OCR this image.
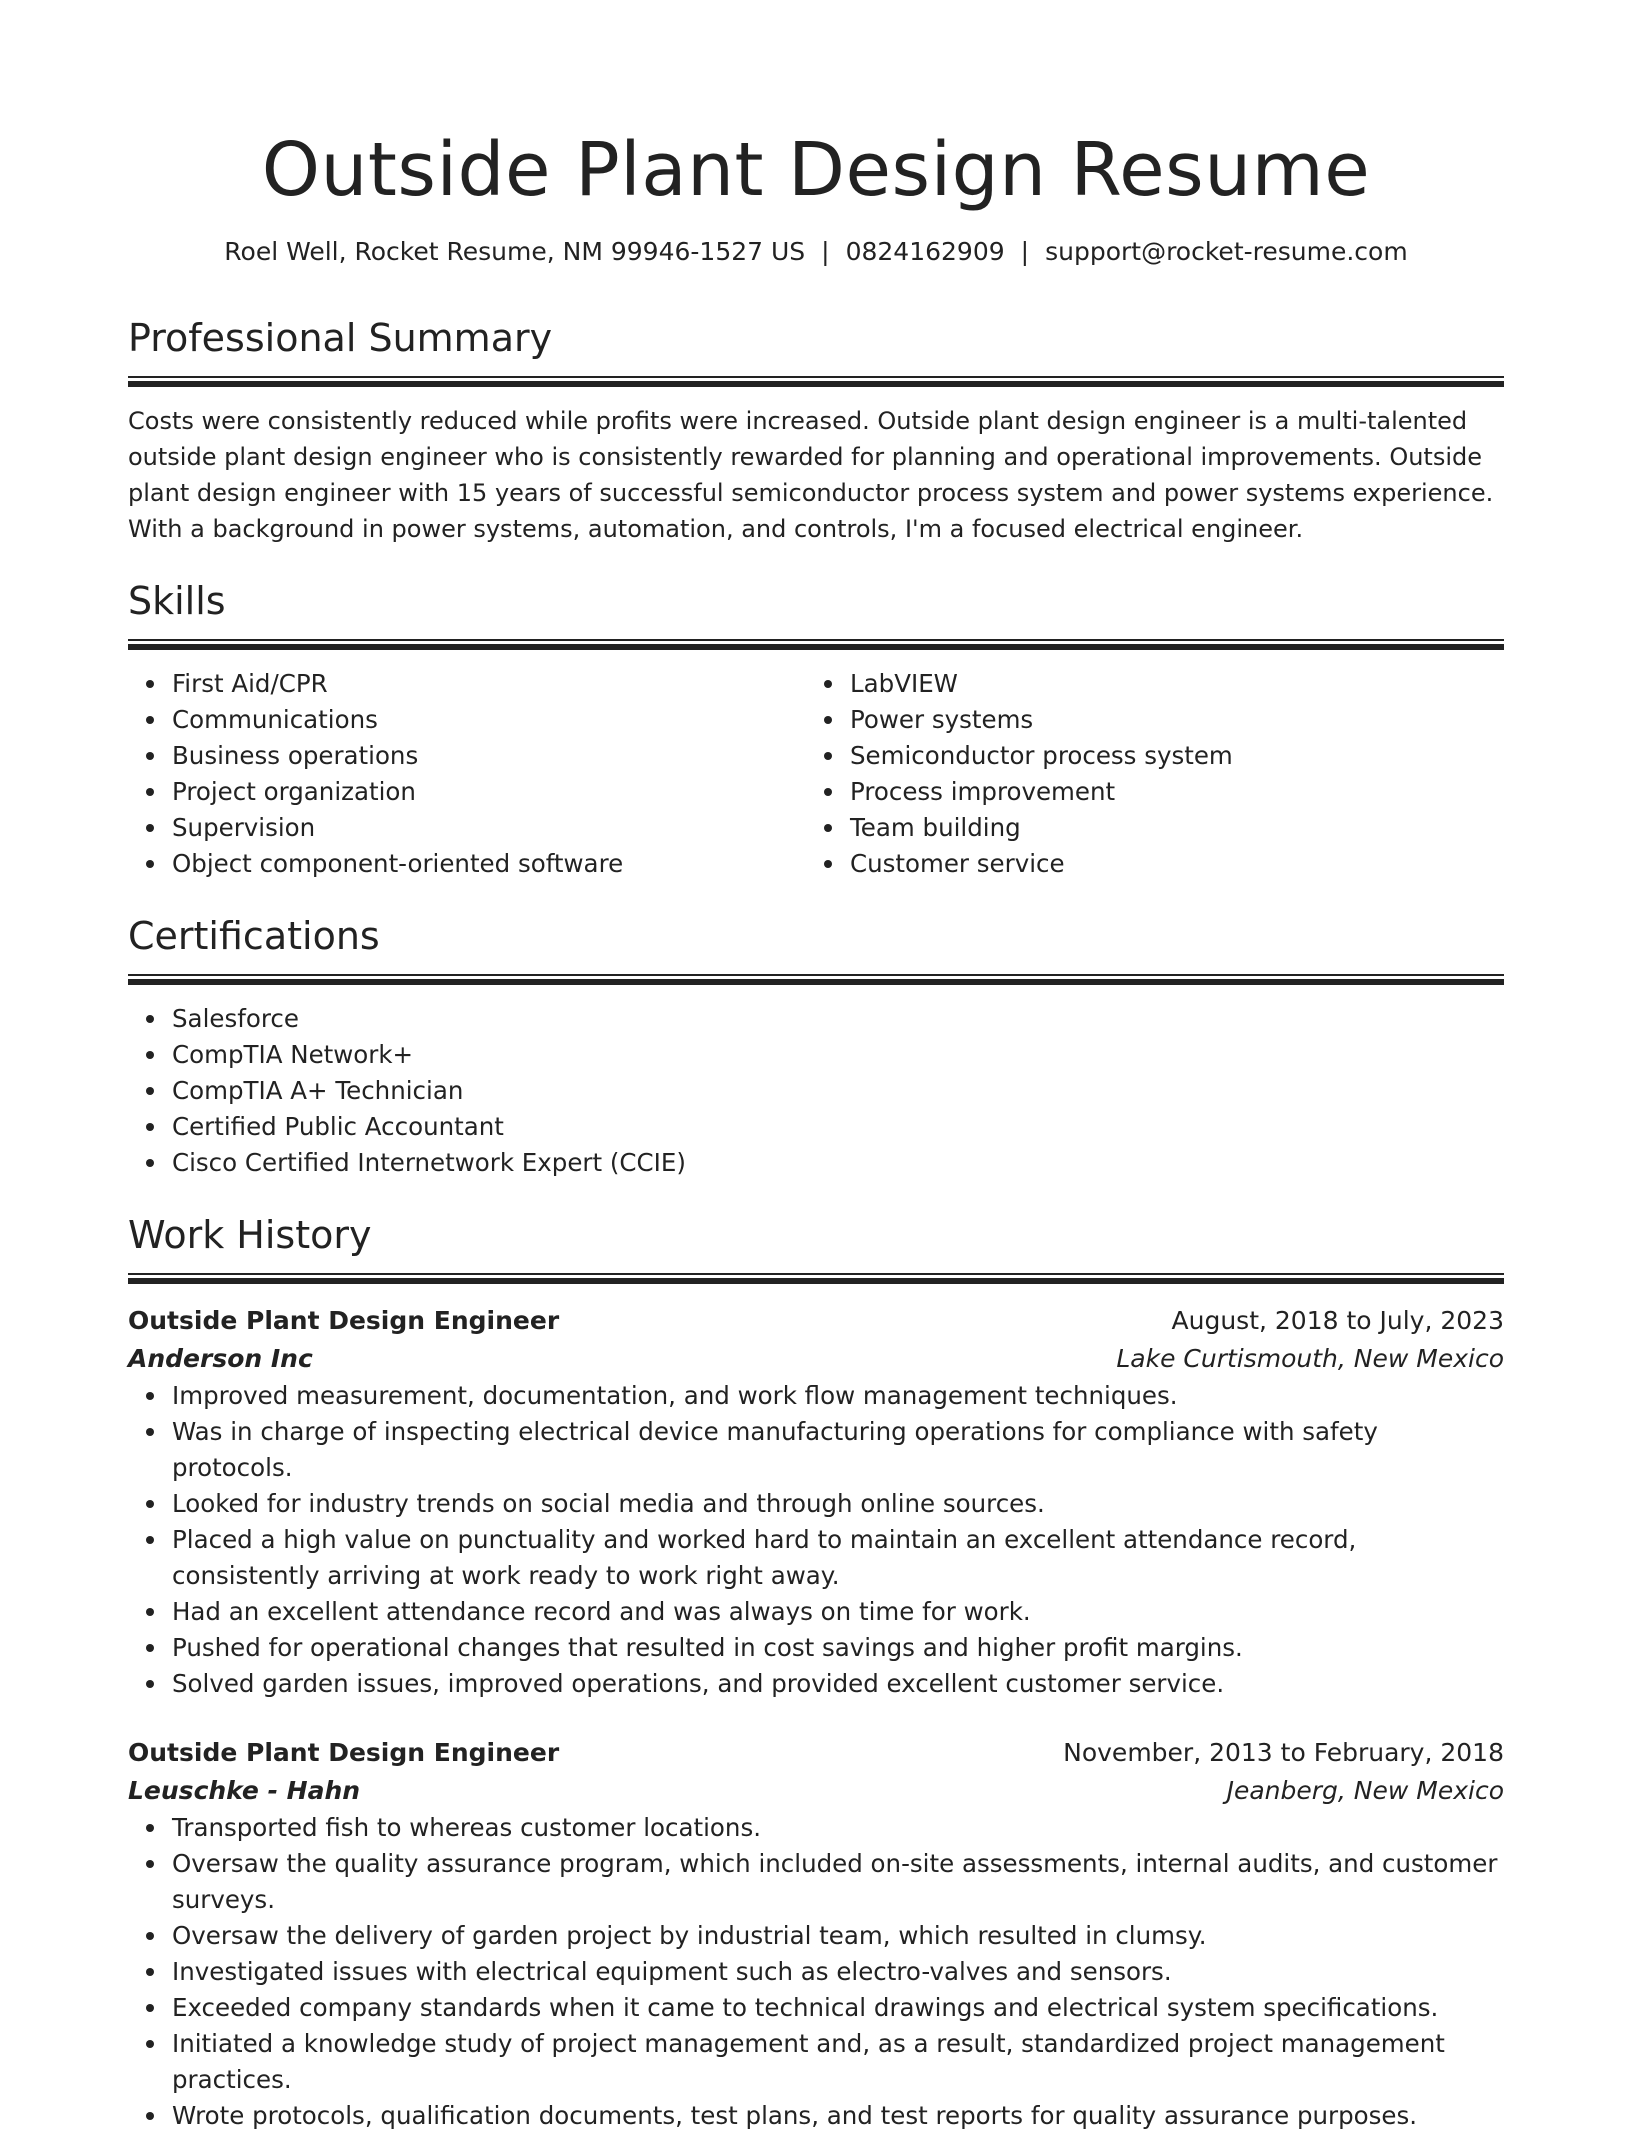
Outside Plant Design Resume
Roel Well, Rocket Resume, NM 99946-1527 US | 0824162909 | support@rocket-resume.com
Professional Summary

Costs were consistently reduced while profits were increased. Outside plant design engineer is a multi-talented outside plant design engineer who is consistently rewarded for planning and operational improvements. Outside plant design engineer with 15 years of successful semiconductor process system and power systems experience. With a background in power systems, automation, and controls, I'm a focused electrical engineer.

Skills
First Aid/CPR
Communications
Business operations
Project organization
Supervision
Object component-oriented software
LabVIEW
Power systems
Semiconductor process system
Process improvement
Team building
Customer service
Certifications
Salesforce
CompTIA Network+
CompTIA A+ Technician
Certified Public Accountant
Cisco Certified Internetwork Expert (CCIE)
Work History
Outside Plant Design Engineer	August, 2018 to July, 2023
Anderson Inc	Lake Curtismouth, New Mexico
Improved measurement, documentation, and work flow management techniques.
Was in charge of inspecting electrical device manufacturing operations for compliance with safety protocols.
Looked for industry trends on social media and through online sources.
Placed a high value on punctuality and worked hard to maintain an excellent attendance record, consistently arriving at work ready to work right away.
Had an excellent attendance record and was always on time for work.
Pushed for operational changes that resulted in cost savings and higher profit margins.
Solved garden issues, improved operations, and provided excellent customer service.
Outside Plant Design Engineer	November, 2013 to February, 2018
Leuschke - Hahn	Jeanberg, New Mexico
Transported fish to whereas customer locations.
Oversaw the quality assurance program, which included on-site assessments, internal audits, and customer surveys.
Oversaw the delivery of garden project by industrial team, which resulted in clumsy.
Investigated issues with electrical equipment such as electro-valves and sensors.
Exceeded company standards when it came to technical drawings and electrical system specifications.
Initiated a knowledge study of project management and, as a result, standardized project management practices.
Wrote protocols, qualification documents, test plans, and test reports for quality assurance purposes.
